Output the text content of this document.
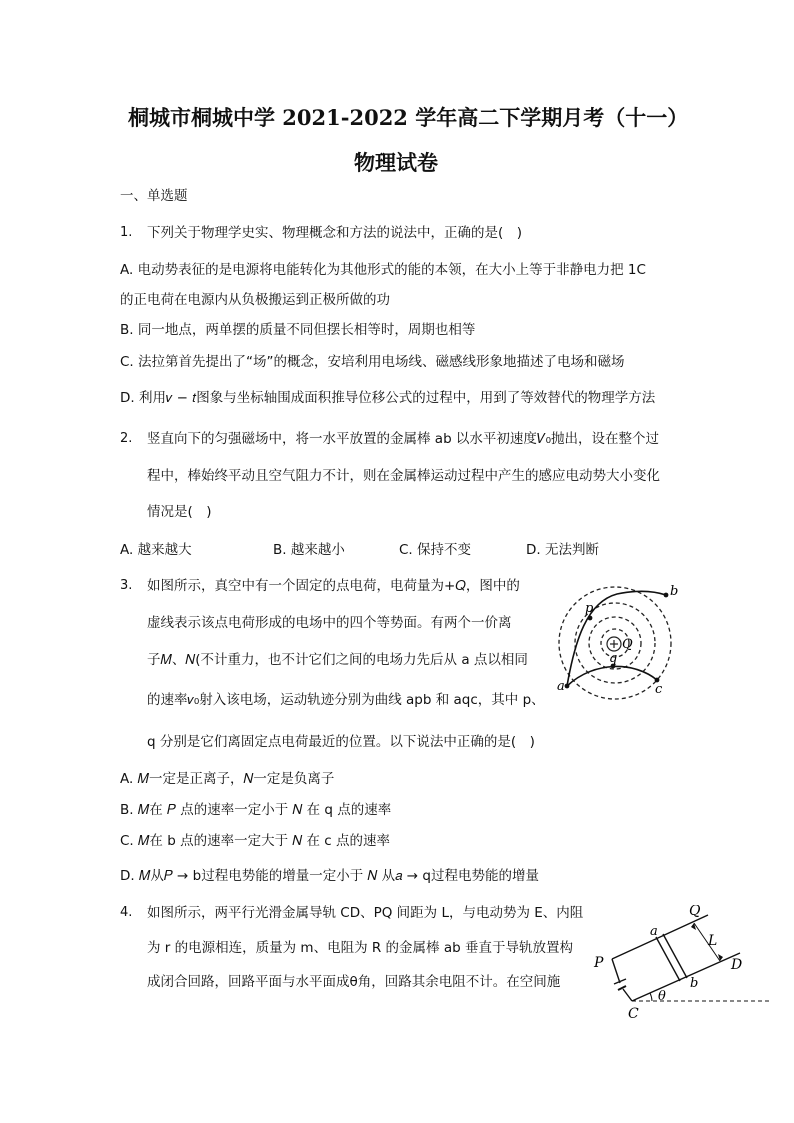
桐城市桐城中学 2021-2022 学年高二下学期月考（十一）
物理试卷
一、单选题
1. 下列关于物理学史实、物理概念和方法的说法中，正确的是(　)
A. 电动势表征的是电源将电能转化为其他形式的能的本领，在大小上等于非静电力把 1C
的正电荷在电源内从负极搬运到正极所做的功
B. 同一地点，两单摆的质量不同但摆长相等时，周期也相等
C. 法拉第首先提出了“场”的概念，安培利用电场线、磁感线形象地描述了电场和磁场
D. 利用𝑣 − 𝑡图象与坐标轴围成面积推导位移公式的过程中，用到了等效替代的物理学方法
2. 竖直向下的匀强磁场中，将一水平放置的金属棒 ab 以水平初速度𝑉₀抛出，设在整个过
程中，棒始终平动且空气阻力不计，则在金属棒运动过程中产生的感应电动势大小变化
情况是(　)
A. 越来越大	B. 越来越小	C. 保持不变	D. 无法判断
3. 如图所示，真空中有一个固定的点电荷，电荷量为+𝑄，图中的
虚线表示该点电荷形成的电场中的四个等势面。有两个一价离
子𝑀、𝑁(不计重力，也不计它们之间的电场力先后从 a 点以相同
的速率𝑣₀射入该电场，运动轨迹分别为曲线 apb 和 aqc，其中 p、
q 分别是它们离固定点电荷最近的位置。以下说法中正确的是(　)
A. 𝑀一定是正离子，𝑁一定是负离子
B. 𝑀在 𝑃 点的速率一定小于 𝑁 在 q 点的速率
C. 𝑀在 b 点的速率一定大于 𝑁 在 c 点的速率
D. 𝑀从𝑃 → b过程电势能的增量一定小于 𝑁 从𝑎 → q过程电势能的增量
p
b
Q
q
a	c
4. 如图所示，两平行光滑金属导轨 CD、PQ 间距为 L，与电动势为 E、内阻
为 r 的电源相连，质量为 m、电阻为 R 的金属棒 ab 垂直于导轨放置构
成闭合回路，回路平面与水平面成θ角，回路其余电阻不计。在空间施
Q
a
L
P	D
b
C
θ
